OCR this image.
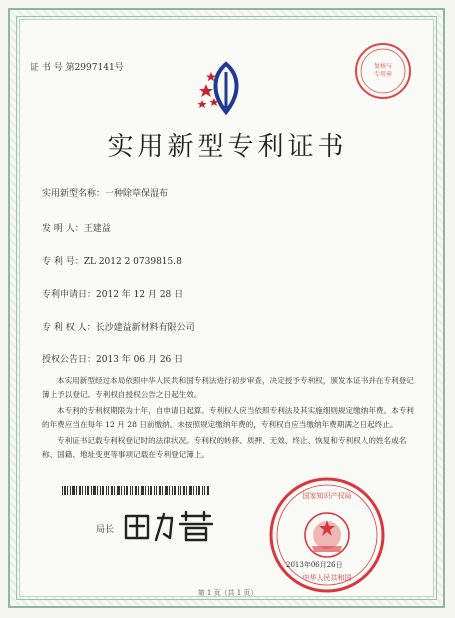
证 书 号 第2997141号	复核与
专用章
实用新型专利证书
实用新型名称：一种除草保湿布
发 明 人：王建益
专 利 号：ZL 2012 2 0739815.8
专利申请日：2012 年 12 月 28 日
专 利 权 人：长沙建益新材料有限公司
授权公告日：2013 年 06 月 26 日
本实用新型经过本局依照中华人民共和国专利法进行初步审查，决定授予专利权，颁发本证书并在专利登记簿上予以登记。专利权自授权公告之日起生效。
本专利的专利权期限为十年，自申请日起算。专利权人应当依照专利法及其实施细则规定缴纳年费。本专利的年费应当在每年 12 月 28 日前缴纳。未按照规定缴纳年费的，专利权自应当缴纳年费期满之日起终止。
专利证书记载专利权登记时的法律状况。专利权的转移、质押、无效、终止、恢复和专利权人的姓名或名称、国籍、地址变更等事项记载在专利登记簿上。
局长
国家知识产权局
中华人民共和国
2013年06月26日
第 1 页（共 1 页）
